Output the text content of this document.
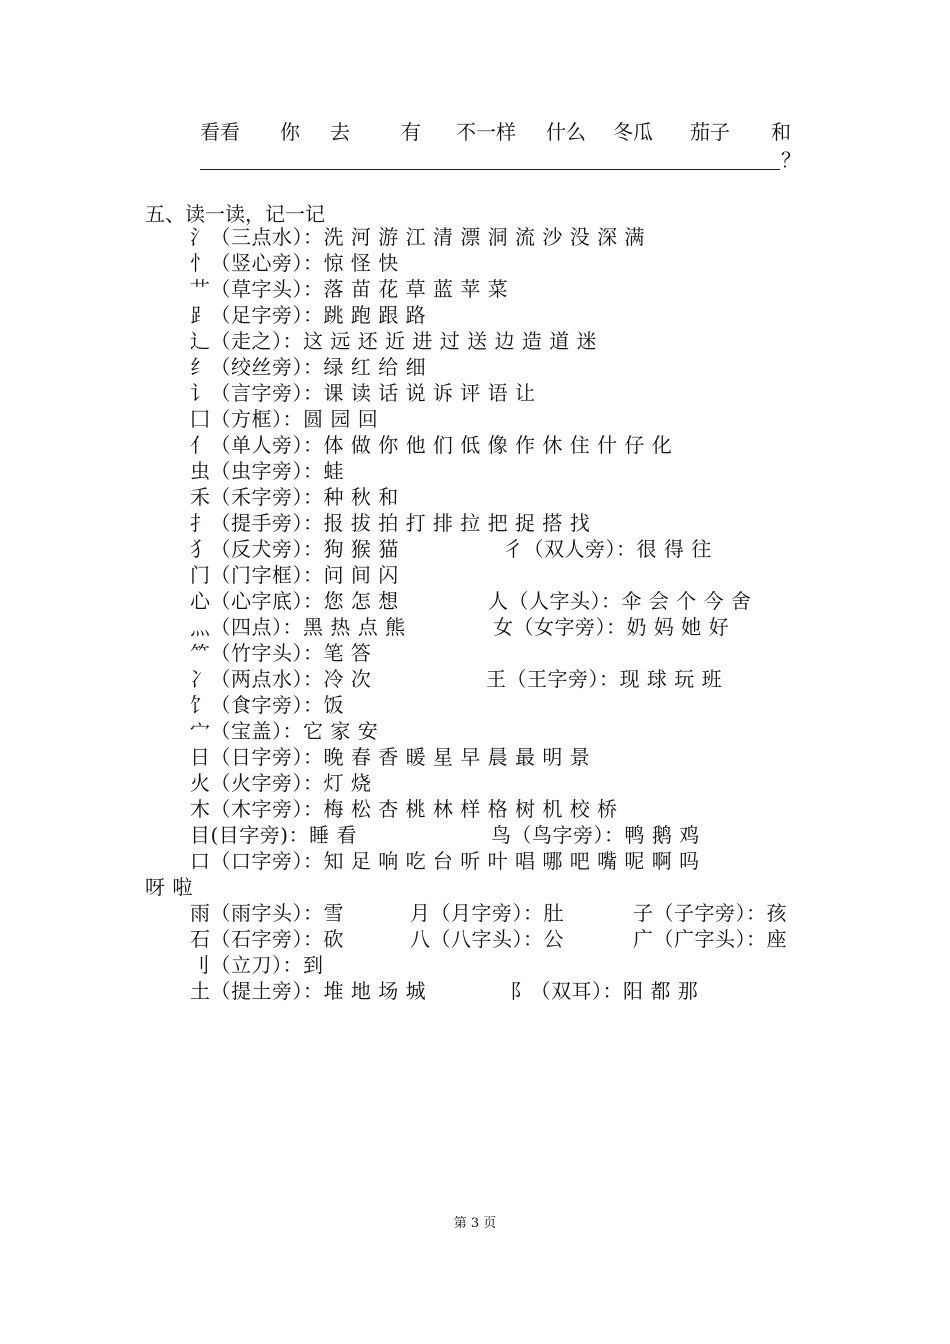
看看 你 去	有 不一样 什么 冬瓜 茄子 和
？
五、读一读，记一记
氵（三点水）：洗 河 游 江 清 漂 洞 流 沙 没 深 满
忄（竖心旁）：惊 怪 快
艹（草字头）：落 苗 花 草 蓝 苹 菜
⻊（足字旁）：跳 跑 跟 路
辶（走之）：这 远 还 近 进 过 送 边 造 道 迷
纟（绞丝旁）：绿 红 给 细
讠（言字旁）：课 读 话 说 诉 评 语 让
囗（方框）：圆 园 回
亻（单人旁）：体 做 你 他 们 低 像 作 休 住 什 仔 化
虫（虫字旁）：蛙
禾（禾字旁）：种 秋 和
扌（提手旁）：报 拔 拍 打 排 拉 把 捉 搭 找
犭（反犬旁）：狗 猴 猫	彳（双人旁）：很 得 往
门（门字框）：问 间 闪
心（心字底）：您 怎 想	人（人字头）：伞 会 个 今 舍
灬（四点）：黑 热 点 熊	女（女字旁）：奶 妈 她 好
⺮（竹字头）：笔 答
冫（两点水）：冷 次	王（王字旁）：现 球 玩 班
饣（食字旁）：饭
宀（宝盖）：它 家 安
日（日字旁）：晚 春 香 暖 星 早 晨 最 明 景
火（火字旁）：灯 烧
木（木字旁）：梅 松 杏 桃 林 样 格 树 机 校 桥
目(目字旁)：睡 看	鸟（鸟字旁）：鸭 鹅 鸡
口（口字旁）：知 足 响 吃 台 听 叶 唱 哪 吧 嘴 呢 啊 吗
呀 啦
雨（雨字头）：雪	月（月字旁）：肚	子（子字旁）：孩
石（石字旁）：砍	八（八字头）：公	广（广字头）：座
刂（立刀）：到
土（提土旁）：堆 地 场 城	阝（双耳）：阳 都 那
第 3 页
